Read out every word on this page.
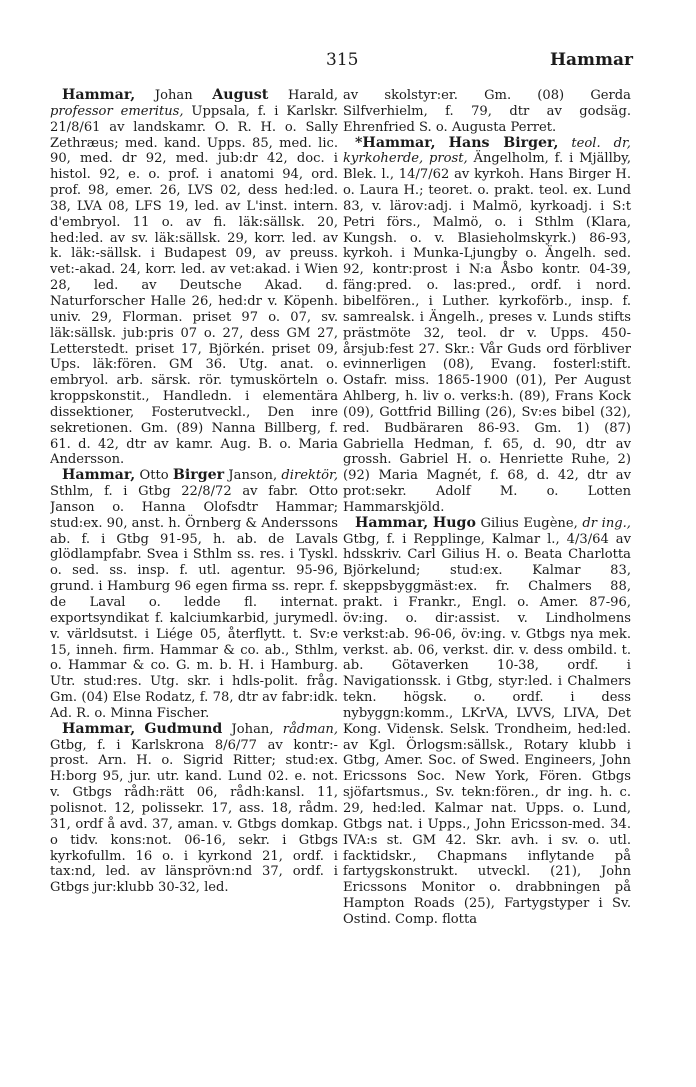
315	Hammar

Hammar, Johan August Harald, professor emeritus, Uppsala, f. i Karlskr. 21/8/61 av landskamr. O. R. H. o. Sally Zethræus; med. kand. Upps. 85, med. lic. 90, med. dr 92, med. jub:dr 42, doc. i histol. 92, e. o. prof. i anatomi 94, ord. prof. 98, emer. 26, LVS 02, dess hed:led. 38, LVA 08, LFS 19, led. av L'inst. intern. d'embryol. 11 o. av fi. läk:sällsk. 20, hed:led. av sv. läk:sällsk. 29, korr. led. av k. läk:-sällsk. i Budapest 09, av preuss. vet:-akad. 24, korr. led. av vet:akad. i Wien 28, led. av Deutsche Akad. d. Naturforscher Halle 26, hed:dr v. Köpenh. univ. 29, Florman. priset 97 o. 07, sv. läk:sällsk. jub:pris 07 o. 27, dess GM 27, Letterstedt. priset 17, Björkén. priset 09, Ups. läk:fören. GM 36. Utg. anat. o. embryol. arb. särsk. rör. tymuskörteln o. kroppskonstit., Handledn. i elementära dissektioner, Fosterutveckl., Den inre sekretionen. Gm. (89) Nanna Billberg, f. 61. d. 42, dtr av kamr. Aug. B. o. Maria Andersson.

Hammar, Otto Birger Janson, direktör, Sthlm, f. i Gtbg 22/8/72 av fabr. Otto Janson o. Hanna Olofsdtr Hammar; stud:ex. 90, anst. h. Örnberg & Anderssons ab. f. i Gtbg 91-95, h. ab. de Lavals glödlampfabr. Svea i Sthlm ss. res. i Tyskl. o. sed. ss. insp. f. utl. agentur. 95-96, grund. i Hamburg 96 egen firma ss. repr. f. de Laval o. ledde fl. internat. exportsyndikat f. kalciumkarbid, jurymedl. v. världsutst. i Liége 05, återflytt. t. Sv:e 15, inneh. firm. Hammar & co. ab., Sthlm, o. Hammar & co. G. m. b. H. i Hamburg. Utr. stud:res. Utg. skr. i hdls-polit. fråg. Gm. (04) Else Rodatz, f. 78, dtr av fabr:idk. Ad. R. o. Minna Fischer.

Hammar, Gudmund Johan, rådman, Gtbg, f. i Karlskrona 8/6/77 av kontr:-prost. Arn. H. o. Sigrid Ritter; stud:ex. H:borg 95, jur. utr. kand. Lund 02. e. not. v. Gtbgs rådh:rätt 06, rådh:kansl. 11, polisnot. 12, polissekr. 17, ass. 18, rådm. 31, ordf å avd. 37, aman. v. Gtbgs domkap. o tidv. kons:not. 06-16, sekr. i Gtbgs kyrkofullm. 16 o. i kyrkond 21, ordf. i tax:nd, led. av länsprövn:nd 37, ordf. i Gtbgs jur:klubb 30-32, led.

av skolstyr:er. Gm. (08) Gerda Silfverhielm, f. 79, dtr av godsäg. Ehrenfried S. o. Augusta Perret.

*Hammar, Hans Birger, teol. dr, kyrkoherde, prost, Ängelholm, f. i Mjällby, Blek. l., 14/7/62 av kyrkoh. Hans Birger H. o. Laura H.; teoret. o. prakt. teol. ex. Lund 83, v. lärov:adj. i Malmö, kyrkoadj. i S:t Petri förs., Malmö, o. i Sthlm (Klara, Kungsh. o. v. Blasieholmskyrk.) 86-93, kyrkoh. i Munka-Ljungby o. Ängelh. sed. 92, kontr:prost i N:a Åsbo kontr. 04-39, fäng:pred. o. las:pred., ordf. i nord. bibelfören., i Luther. kyrkoförb., insp. f. samrealsk. i Ängelh., preses v. Lunds stifts prästmöte 32, teol. dr v. Upps. 450-årsjub:fest 27. Skr.: Vår Guds ord förbliver evinnerligen (08), Evang. fosterl:stift. Ostafr. miss. 1865-1900 (01), Per August Ahlberg, h. liv o. verks:h. (89), Frans Kock (09), Gottfrid Billing (26), Sv:es bibel (32), red. Budbäraren 86-93. Gm. 1) (87) Gabriella Hedman, f. 65, d. 90, dtr av grossh. Gabriel H. o. Henriette Ruhe, 2) (92) Maria Magnét, f. 68, d. 42, dtr av prot:sekr. Adolf M. o. Lotten Hammarskjöld.

Hammar, Hugo Gilius Eugène, dr ing., Gtbg, f. i Repplinge, Kalmar l., 4/3/64 av hdsskriv. Carl Gilius H. o. Beata Charlotta Björkelund; stud:ex. Kalmar 83, skeppsbyggmäst:ex. fr. Chalmers 88, prakt. i Frankr., Engl. o. Amer. 87-96, öv:ing. o. dir:assist. v. Lindholmens verkst:ab. 96-06, öv:ing. v. Gtbgs nya mek. verkst. ab. 06, verkst. dir. v. dess ombild. t. ab. Götaverken 10-38, ordf. i Navigationssk. i Gtbg, styr:led. i Chalmers tekn. högsk. o. ordf. i dess nybyggn:komm., LKrVA, LVVS, LIVA, Det Kong. Vidensk. Selsk. Trondheim, hed:led. av Kgl. Örlogsm:sällsk., Rotary klubb i Gtbg, Amer. Soc. of Swed. Engineers, John Ericssons Soc. New York, Fören. Gtbgs sjöfartsmus., Sv. tekn:fören., dr ing. h. c. 29, hed:led. Kalmar nat. Upps. o. Lund, Gtbgs nat. i Upps., John Ericsson-med. 34. IVA:s st. GM 42. Skr. avh. i sv. o. utl. facktidskr., Chapmans inflytande på fartygskonstrukt. utveckl. (21), John Ericssons Monitor o. drabbningen på Hampton Roads (25), Fartygstyper i Sv. Ostind. Comp. flotta
